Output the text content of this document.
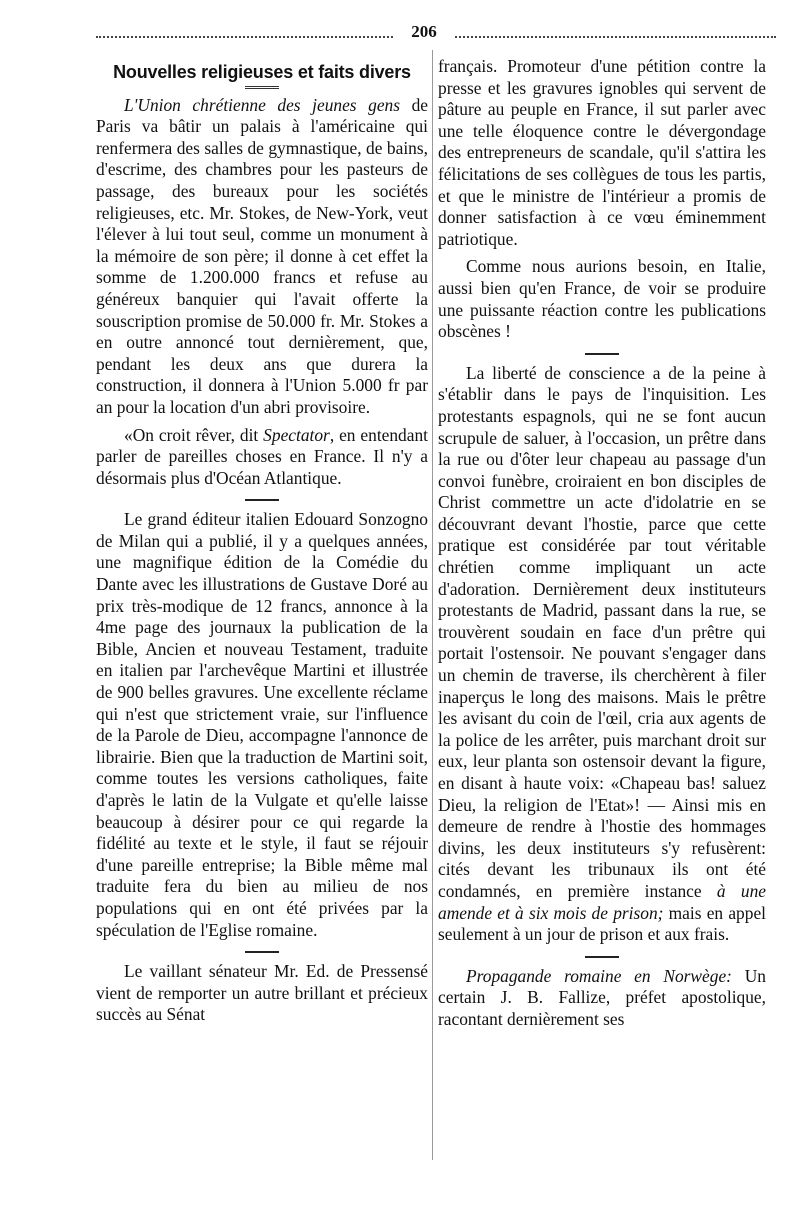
206
Nouvelles religieuses et faits divers

L'Union chrétienne des jeunes gens de Paris va bâtir un palais à l'américaine qui renfermera des salles de gymnastique, de bains, d'escrime, des chambres pour les pasteurs de passage, des bureaux pour les sociétés religieuses, etc. Mr. Stokes, de New-York, veut l'élever à lui tout seul, comme un monument à la mémoire de son père; il donne à cet effet la somme de 1.200.000 francs et refuse au généreux banquier qui l'avait offerte la souscription promise de 50.000 fr. Mr. Stokes a en outre annoncé tout dernièrement, que, pendant les deux ans que durera la construction, il donnera à l'Union 5.000 fr par an pour la location d'un abri provisoire.

«On croit rêver, dit Spectator, en entendant parler de pareilles choses en France. Il n'y a désormais plus d'Océan Atlantique.

Le grand éditeur italien Edouard Sonzogno de Milan qui a publié, il y a quelques années, une magnifique édition de la Comédie du Dante avec les illustrations de Gustave Doré au prix très-modique de 12 francs, annonce à la 4me page des journaux la publication de la Bible, Ancien et nouveau Testament, traduite en italien par l'archevêque Martini et illustrée de 900 belles gravures. Une excellente réclame qui n'est que strictement vraie, sur l'influence de la Parole de Dieu, accompagne l'annonce de librairie. Bien que la traduction de Martini soit, comme toutes les versions catholiques, faite d'après le latin de la Vulgate et qu'elle laisse beaucoup à désirer pour ce qui regarde la fidélité au texte et le style, il faut se réjouir d'une pareille entreprise; la Bible même mal traduite fera du bien au milieu de nos populations qui en ont été privées par la spéculation de l'Eglise romaine.

Le vaillant sénateur Mr. Ed. de Pressensé vient de remporter un autre brillant et précieux succès au Sénat

français. Promoteur d'une pétition contre la presse et les gravures ignobles qui servent de pâture au peuple en France, il sut parler avec une telle éloquence contre le dévergondage des entrepreneurs de scandale, qu'il s'attira les félicitations de ses collègues de tous les partis, et que le ministre de l'intérieur a promis de donner satisfaction à ce vœu éminemment patriotique.

Comme nous aurions besoin, en Italie, aussi bien qu'en France, de voir se produire une puissante réaction contre les publications obscènes !

La liberté de conscience a de la peine à s'établir dans le pays de l'inquisition. Les protestants espagnols, qui ne se font aucun scrupule de saluer, à l'occasion, un prêtre dans la rue ou d'ôter leur chapeau au passage d'un convoi funèbre, croiraient en bon disciples de Christ commettre un acte d'idolatrie en se découvrant devant l'hostie, parce que cette pratique est considérée par tout véritable chrétien comme impliquant un acte d'adoration. Dernièrement deux instituteurs protestants de Madrid, passant dans la rue, se trouvèrent soudain en face d'un prêtre qui portait l'ostensoir. Ne pouvant s'engager dans un chemin de traverse, ils cherchèrent à filer inaperçus le long des maisons. Mais le prêtre les avisant du coin de l'œil, cria aux agents de la police de les arrêter, puis marchant droit sur eux, leur planta son ostensoir devant la figure, en disant à haute voix: «Chapeau bas! saluez Dieu, la religion de l'Etat»! — Ainsi mis en demeure de rendre à l'hostie des hommages divins, les deux instituteurs s'y refusèrent: cités devant les tribunaux ils ont été condamnés, en première instance à une amende et à six mois de prison; mais en appel seulement à un jour de prison et aux frais.

Propagande romaine en Norwège: Un certain J. B. Fallize, préfet apostolique, racontant dernièrement ses
